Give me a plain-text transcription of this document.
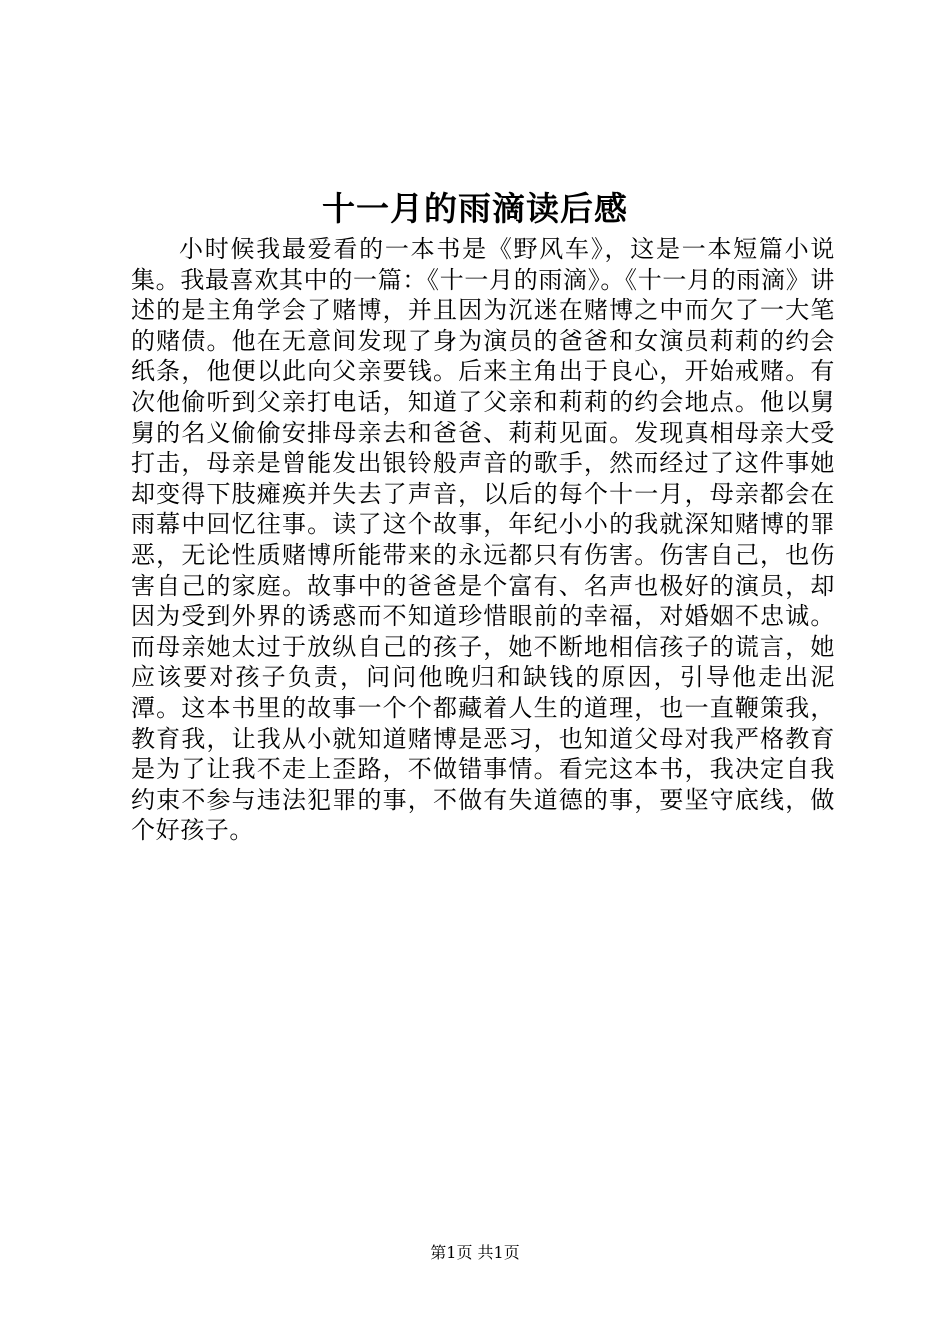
十一月的雨滴读后感

小时候我最爱看的一本书是《野风车》，这是一本短篇小说集。我最喜欢其中的一篇：《十一月的雨滴》。《十一月的雨滴》讲述的是主角学会了赌博，并且因为沉迷在赌博之中而欠了一大笔的赌债。他在无意间发现了身为演员的爸爸和女演员莉莉的约会纸条，他便以此向父亲要钱。后来主角出于良心，开始戒赌。有次他偷听到父亲打电话，知道了父亲和莉莉的约会地点。他以舅舅的名义偷偷安排母亲去和爸爸、莉莉见面。发现真相母亲大受打击，母亲是曾能发出银铃般声音的歌手，然而经过了这件事她却变得下肢瘫痪并失去了声音，以后的每个十一月，母亲都会在雨幕中回忆往事。读了这个故事，年纪小小的我就深知赌博的罪恶，无论性质赌博所能带来的永远都只有伤害。伤害自己，也伤害自己的家庭。故事中的爸爸是个富有、名声也极好的演员，却因为受到外界的诱惑而不知道珍惜眼前的幸福，对婚姻不忠诚。而母亲她太过于放纵自己的孩子，她不断地相信孩子的谎言，她应该要对孩子负责，问问他晚归和缺钱的原因，引导他走出泥潭。这本书里的故事一个个都藏着人生的道理，也一直鞭策我，教育我，让我从小就知道赌博是恶习，也知道父母对我严格教育是为了让我不走上歪路，不做错事情。看完这本书，我决定自我约束不参与违法犯罪的事，不做有失道德的事，要坚守底线，做个好孩子。

第1页 共1页
